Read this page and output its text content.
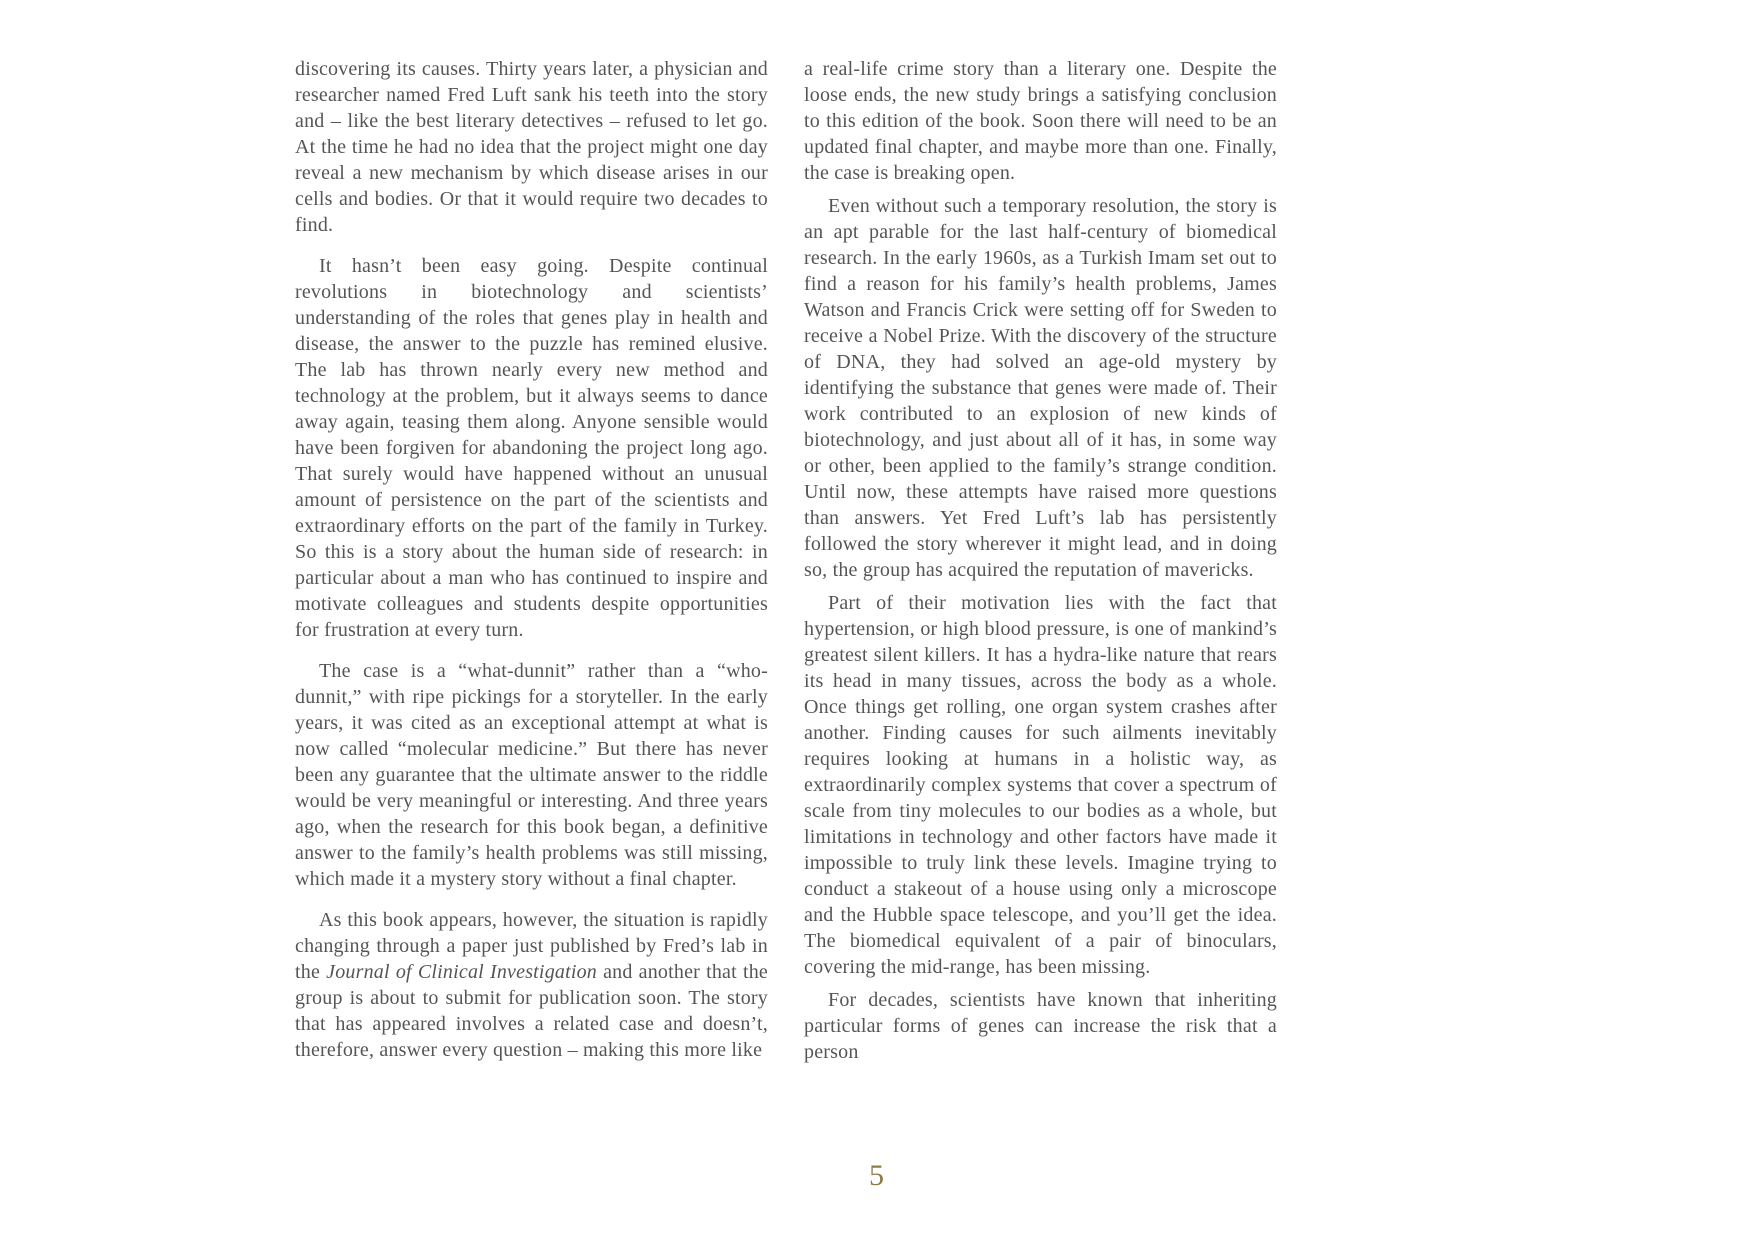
discovering its causes. Thirty years later, a physician and researcher named Fred Luft sank his teeth into the story and – like the best literary detectives – refused to let go. At the time he had no idea that the project might one day reveal a new mechanism by which disease arises in our cells and bodies. Or that it would require two decades to find.

It hasn’t been easy going. Despite continual revolutions in biotechnology and scientists’ understanding of the roles that genes play in health and disease, the answer to the puzzle has remined elusive. The lab has thrown nearly every new method and technology at the problem, but it always seems to dance away again, teasing them along. Anyone sensible would have been forgiven for abandoning the project long ago. That surely would have happened without an unusual amount of persistence on the part of the scientists and extraordinary efforts on the part of the family in Turkey. So this is a story about the human side of research: in particular about a man who has continued to inspire and motivate colleagues and students despite opportunities for frustration at every turn.

The case is a “what-dunnit” rather than a “who-dunnit,” with ripe pickings for a storyteller. In the early years, it was cited as an exceptional attempt at what is now called “molecular medicine.” But there has never been any guarantee that the ultimate answer to the riddle would be very meaningful or interesting. And three years ago, when the research for this book began, a definitive answer to the family’s health problems was still missing, which made it a mystery story without a final chapter.

As this book appears, however, the situation is rapidly changing through a paper just published by Fred’s lab in the Journal of Clinical Investigation and another that the group is about to submit for publication soon. The story that has appeared involves a related case and doesn’t, therefore, answer every question – making this more like

a real-life crime story than a literary one. Despite the loose ends, the new study brings a satisfying conclusion to this edition of the book. Soon there will need to be an updated final chapter, and maybe more than one. Finally, the case is breaking open.

Even without such a temporary resolution, the story is an apt parable for the last half-century of biomedical research. In the early 1960s, as a Turkish Imam set out to find a reason for his family’s health problems, James Watson and Francis Crick were setting off for Sweden to receive a Nobel Prize. With the discovery of the structure of DNA, they had solved an age-old mystery by identifying the substance that genes were made of. Their work contributed to an explosion of new kinds of biotechnology, and just about all of it has, in some way or other, been applied to the family’s strange condition. Until now, these attempts have raised more questions than answers. Yet Fred Luft’s lab has persistently followed the story wherever it might lead, and in doing so, the group has acquired the reputation of mavericks.

Part of their motivation lies with the fact that hypertension, or high blood pressure, is one of mankind’s greatest silent killers. It has a hydra-like nature that rears its head in many tissues, across the body as a whole. Once things get rolling, one organ system crashes after another. Finding causes for such ailments inevitably requires looking at humans in a holistic way, as extraordinarily complex systems that cover a spectrum of scale from tiny molecules to our bodies as a whole, but limitations in technology and other factors have made it impossible to truly link these levels. Imagine trying to conduct a stakeout of a house using only a microscope and the Hubble space telescope, and you’ll get the idea. The biomedical equivalent of a pair of binoculars, covering the mid-range, has been missing.

For decades, scientists have known that inheriting particular forms of genes can increase the risk that a person

5
